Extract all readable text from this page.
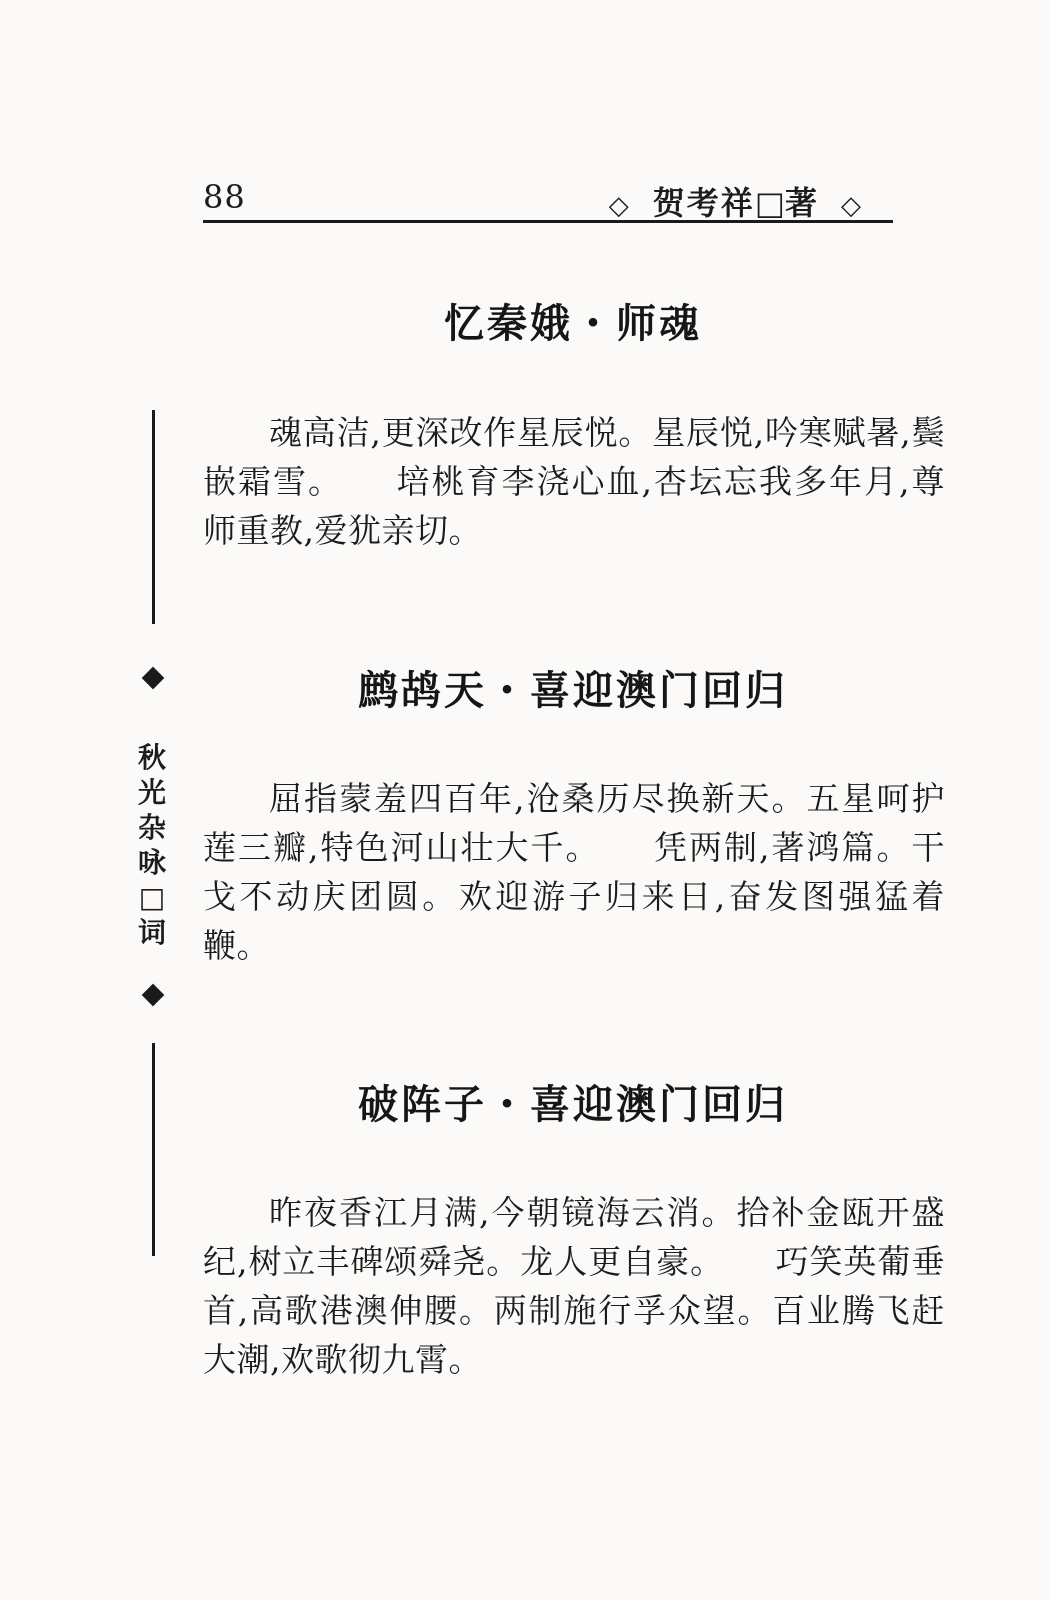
88	◇ 贺考祥□著 ◇
秋光杂咏□词
忆秦娥・师魂

魂高洁,更深改作星辰悦。星辰悦,吟寒赋暑,鬓嵌霜雪。　　培桃育李浇心血,杏坛忘我多年月,尊师重教,爱犹亲切。

鹧鸪天・喜迎澳门回归

屈指蒙羞四百年,沧桑历尽换新天。五星呵护莲三瓣,特色河山壮大千。　　凭两制,著鸿篇。干戈不动庆团圆。欢迎游子归来日,奋发图强猛着鞭。

破阵子・喜迎澳门回归

昨夜香江月满,今朝镜海云消。拾补金瓯开盛纪,树立丰碑颂舜尧。龙人更自豪。　　巧笑英葡垂首,高歌港澳伸腰。两制施行孚众望。百业腾飞赶大潮,欢歌彻九霄。
